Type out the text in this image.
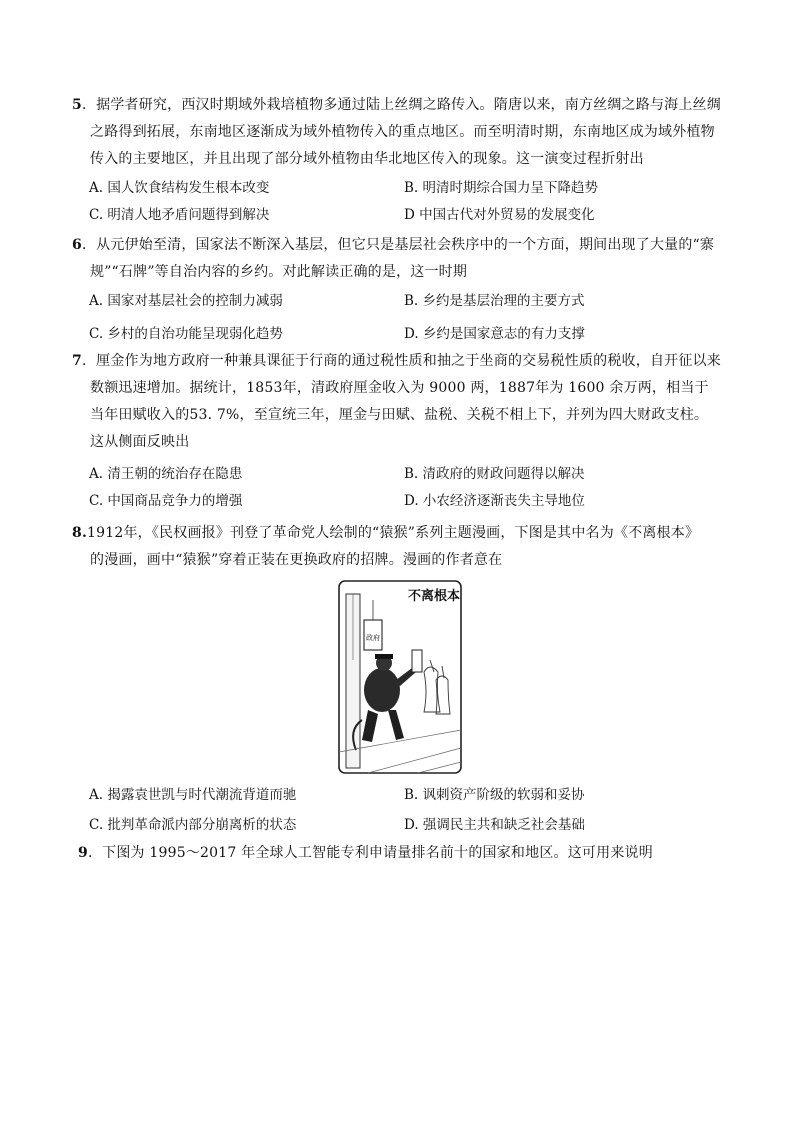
5．据学者研究，西汉时期域外栽培植物多通过陆上丝绸之路传入。隋唐以来，南方丝绸之路与海上丝绸
之路得到拓展，东南地区逐渐成为域外植物传入的重点地区。而至明清时期，东南地区成为域外植物传入的主要地区，并且出现了部分域外植物由华北地区传入的现象。这一演变过程折射出
A. 国人饮食结构发生根本改变	B. 明清时期综合国力呈下降趋势
C. 明清人地矛盾问题得到解决	D 中国古代对外贸易的发展变化
6．从元伊始至清，国家法不断深入基层，但它只是基层社会秩序中的一个方面，期间出现了大量的“寨
规”“石牌”等自治内容的乡约。对此解读正确的是，这一时期
A. 国家对基层社会的控制力减弱	B. 乡约是基层治理的主要方式
C. 乡村的自治功能呈现弱化趋势	D. 乡约是国家意志的有力支撑
7．厘金作为地方政府一种兼具课征于行商的通过税性质和抽之于坐商的交易税性质的税收，自开征以来
数额迅速增加。据统计，1853年，清政府厘金收入为 9000 两，1887年为 1600 余万两，相当于当年田赋收入的53. 7%，至宣统三年，厘金与田赋、盐税、关税不相上下，并列为四大财政支柱。这从侧面反映出
A. 清王朝的统治存在隐患	B. 清政府的财政问题得以解决
C. 中国商品竞争力的增强	D. 小农经济逐渐丧失主导地位
8.1912年，《民权画报》刊登了革命党人绘制的“猿猴”系列主题漫画，下图是其中名为《不离根本》
的漫画，画中“猿猴”穿着正装在更换政府的招牌。漫画的作者意在
政府
不离根本
A. 揭露袁世凯与时代潮流背道而驰	B. 讽刺资产阶级的软弱和妥协
C. 批判革命派内部分崩离析的状态	D. 强调民主共和缺乏社会基础
9．下图为 1995～2017 年全球人工智能专利申请量排名前十的国家和地区。这可用来说明
